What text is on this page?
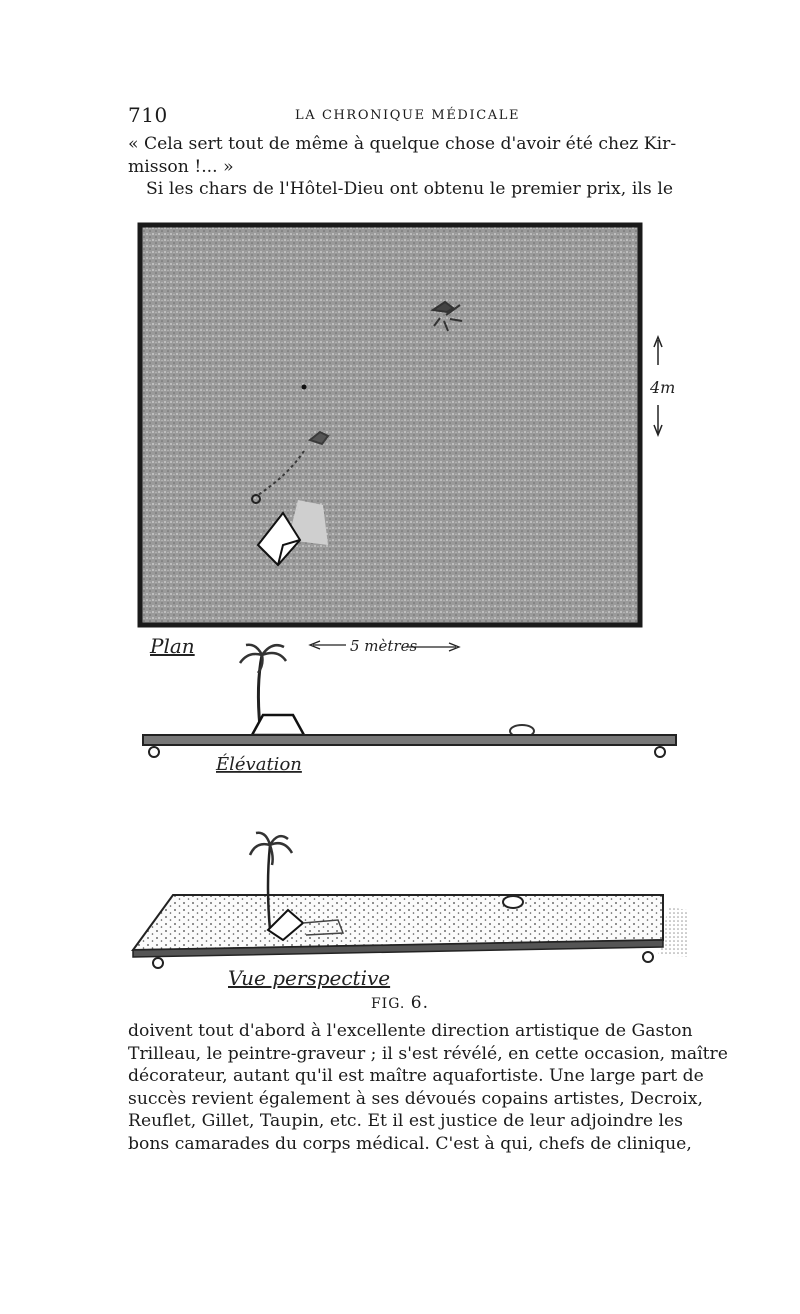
710	LA CHRONIQUE MÉDICALE
« Cela sert tout de même à quelque chose d'avoir été chez Kir-
misson !... »
Si les chars de l'Hôtel-Dieu ont obtenu le premier prix, ils le
4m
Plan	5 mètres
Élévation
Vue perspective
FIG. 6.
doivent tout d'abord à l'excellente direction artistique de Gaston
Trilleau, le peintre-graveur ; il s'est révélé, en cette occasion, maître
décorateur, autant qu'il est maître aquafortiste. Une large part de
succès revient également à ses dévoués copains artistes, Decroix,
Reuflet, Gillet, Taupin, etc. Et il est justice de leur adjoindre les
bons camarades du corps médical. C'est à qui, chefs de clinique,
